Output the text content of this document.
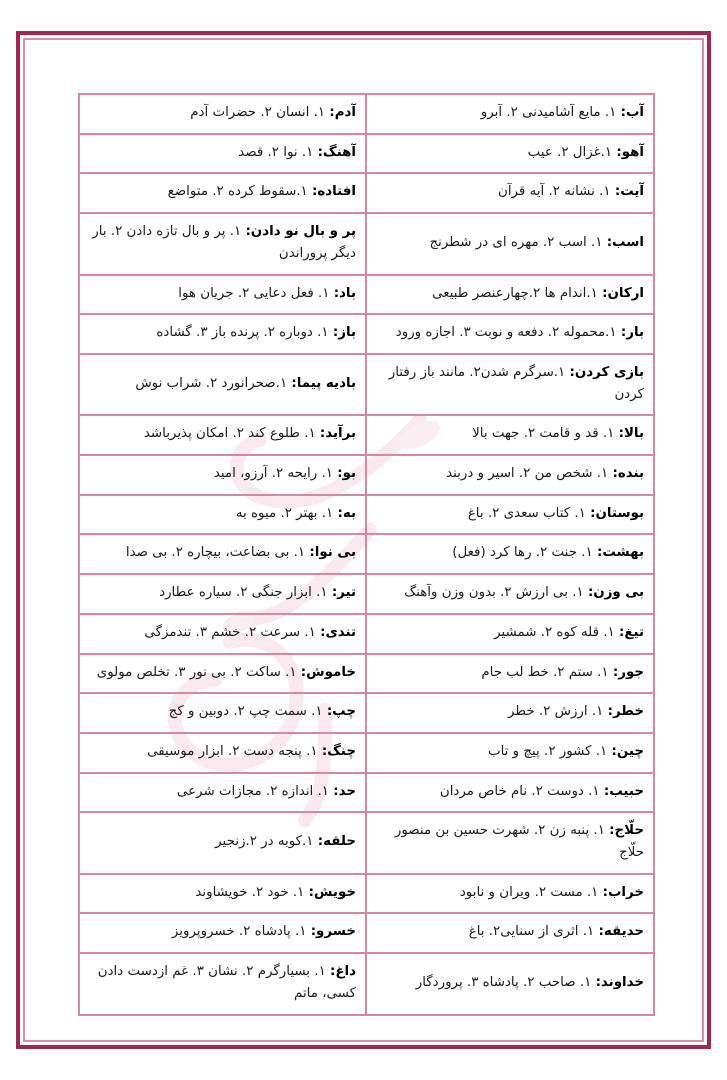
آب: ۱. مایع آشامیدنی ۲. آبرو	آدم: ۱. انسان ۲. حضرات آدم
آهو: ۱.غزال ۲. عیب	آهنگ: ۱. نوا ۲. قصد
آیت: ۱. نشانه ۲. آیه قرآن	افتاده: ۱.سقوط کرده ۲. متواضع
اسب: ۱. اسب ۲. مهره ای در شطرنج	پر و بال نو دادن: ۱. پر و بال تازه دادن ۲. بار دیگر پروراندن
ارکان: ۱.اندام ها ۲.چهارعنصر طبیعی	باد: ۱. فعل دعایی ۲. جریان هوا
بار: ۱.محموله ۲. دفعه و نوبت ۳. اجازه ورود	باز: ۱. دوباره ۲. پرنده باز ۳. گشاده
بازی کردن: ۱.سرگرم شدن۲. مانند باز رفتار کردن	بادیه پیما: ۱.صحرانورد ۲. شراب نوش
بالا: ۱. قد و قامت ۲. جهت بالا	برآید: ۱. طلوع کند ۲. امکان پذیرباشد
بنده: ۱. شخص من ۲. اسیر و دربند	بو: ۱. رایحه ۲. آرزو، امید
بوستان: ۱. کتاب سعدی ۲. باغ	به: ۱. بهتر ۲. میوه به
بهشت: ۱. جنت ۲. رها کرد (فعل)	بی نوا: ۱. بی بضاعت، بیچاره ۲. بی صدا
بی وزن: ۱. بی ارزش ۲. بدون وزن وآهنگ	تیر: ۱. ابزار جنگی ۲. سیاره عطارد
تیغ: ۱. قله کوه ۲. شمشیر	تندی: ۱. سرعت ۲. خشم ۳. تندمزگی
جور: ۱. ستم ۲. خط لب جام	خاموش: ۱. ساکت ۲. بی نور ۳. تخلص مولوی
خطر: ۱. ارزش ۲. خطر	چپ: ۱. سمت چپ ۲. دوبین و کج
چین: ۱. کشور ۲. پیچ و تاب	چنگ: ۱. پنجه دست ۲. ابزار موسیقی
حبیب: ۱. دوست ۲. نام خاص مردان	حد: ۱. اندازه ۲. مجازات شرعی
حلّاج: ۱. پنبه زن ۲. شهرت حسین بن منصور حلّاج	حلقه: ۱.کوبه در ۲.زنجیر
خراب: ۱. مست ۲. ویران و نابود	خویش: ۱. خود ۲. خویشاوند
حدیقه: ۱. اثری از سنایی۲. باغ	خسرو: ۱. پادشاه ۲. خسروپرویز
خداوند: ۱. صاحب ۲. پادشاه ۳. پروردگار	داغ: ۱. بسیارگرم ۲. نشان ۳. غم ازدست دادن کسی، ماتم
